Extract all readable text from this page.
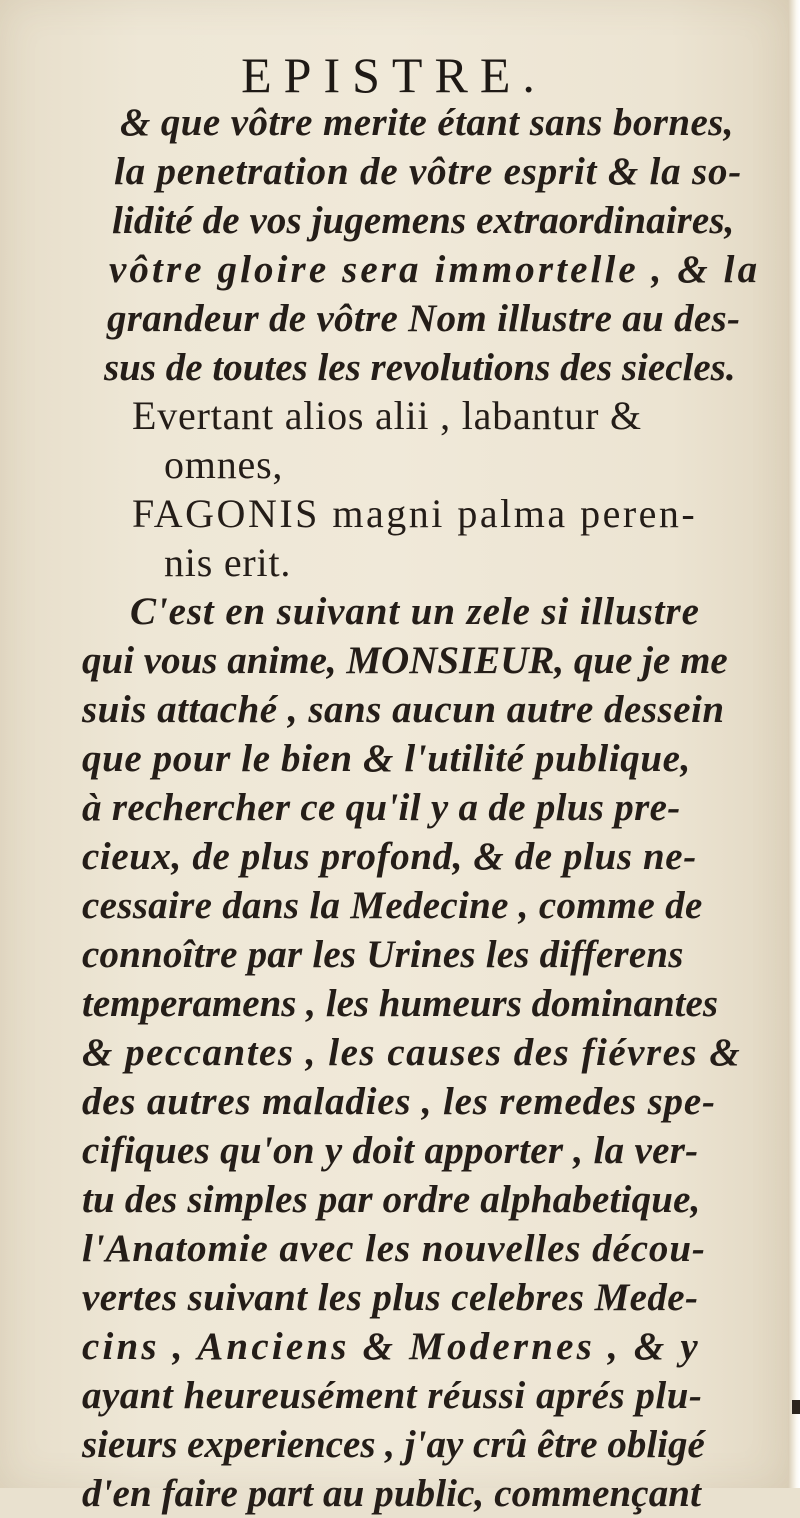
EPISTRE.
& que vôtre merite étant sans bornes,
la penetration de vôtre esprit & la so-
lidité de vos jugemens extraordinaires,
vôtre gloire sera immortelle , & la
grandeur de vôtre Nom illustre au des-
sus de toutes les revolutions des siecles.
Evertant alios alii , labantur &
omnes,
FAGONIS magni palma peren-
nis erit.
C'est en suivant un zele si illustre
qui vous anime, MONSIEUR, que je me
suis attaché , sans aucun autre dessein
que pour le bien & l'utilité publique,
à rechercher ce qu'il y a de plus pre-
cieux, de plus profond, & de plus ne-
cessaire dans la Medecine , comme de
connoître par les Urines les differens
temperamens , les humeurs dominantes
& peccantes , les causes des fiévres &
des autres maladies , les remedes spe-
cifiques qu'on y doit apporter , la ver-
tu des simples par ordre alphabetique,
l'Anatomie avec les nouvelles décou-
vertes suivant les plus celebres Mede-
cins , Anciens & Modernes , & y
ayant heureusément réussi aprés plu-
sieurs experiences , j'ay crû être obligé
d'en faire part au public, commençant
